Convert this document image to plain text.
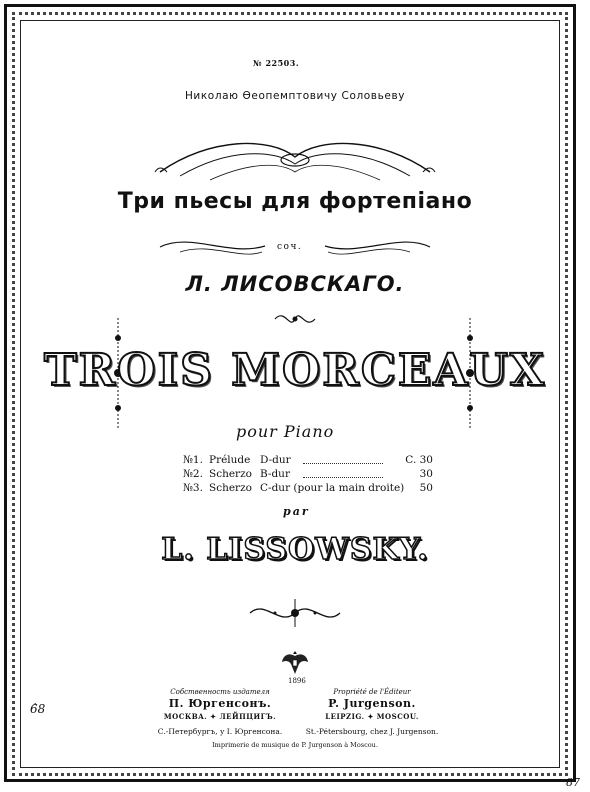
№ 22503.
Николаю Өеопемптовичу Соловьеву
Три пьесы для фортепіано
соч.
Л. ЛИСОВСКАГО.
TROIS MORCEAUX
pour Piano
№1. Prélude D-dur	C. 30
№2. Scherzo B-dur	30
№3. Scherzo C-dur (pour la main droite) 50
par
L. LISSOWSKY.
1896
Собственность издателя
П. Юргенсонъ.
МОСКВА. ✦ ЛЕЙПЦИГЪ.
С.-Петербургъ, у I. Юргенсона.
Propriété de l'Éditeur
P. Jurgenson.
LEIPZIG. ✦ MOSCOU.
St.-Pétersbourg, chez J. Jurgenson.
Imprimerie de musique de P. Jurgenson à Moscou.
6̂8
87
